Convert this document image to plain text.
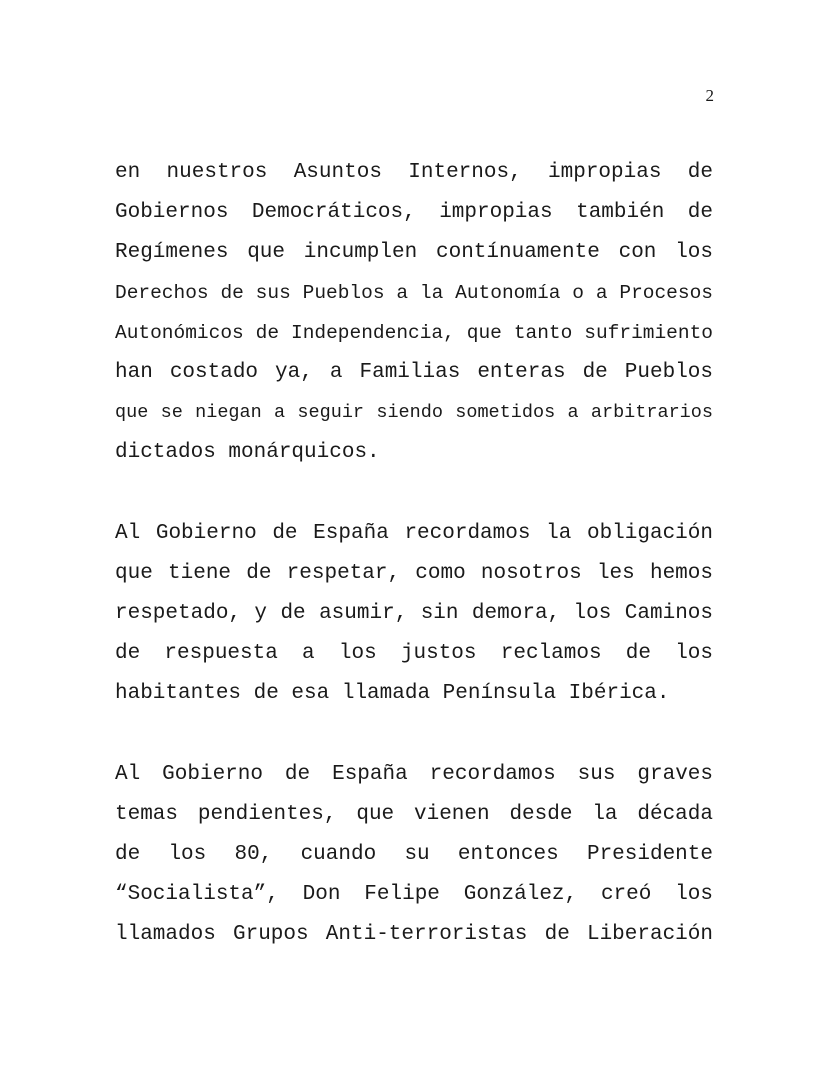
2
en nuestros Asuntos Internos, impropias de
Gobiernos Democráticos, impropias también de
Regímenes que incumplen contínuamente con los
Derechos de sus Pueblos a la Autonomía o a Procesos
Autonómicos de Independencia, que tanto sufrimiento
han costado ya, a Familias enteras de Pueblos
que se niegan a seguir siendo sometidos a arbitrarios
dictados monárquicos.
Al Gobierno de España recordamos la obligación
que tiene de respetar, como nosotros les hemos
respetado, y de asumir, sin demora, los Caminos
de respuesta a los justos reclamos de los
habitantes de esa llamada Península Ibérica.
Al Gobierno de España recordamos sus graves
temas pendientes, que vienen desde la década
de los 80, cuando su entonces Presidente
“Socialista”, Don Felipe González, creó los
llamados Grupos Anti-terroristas de Liberación
